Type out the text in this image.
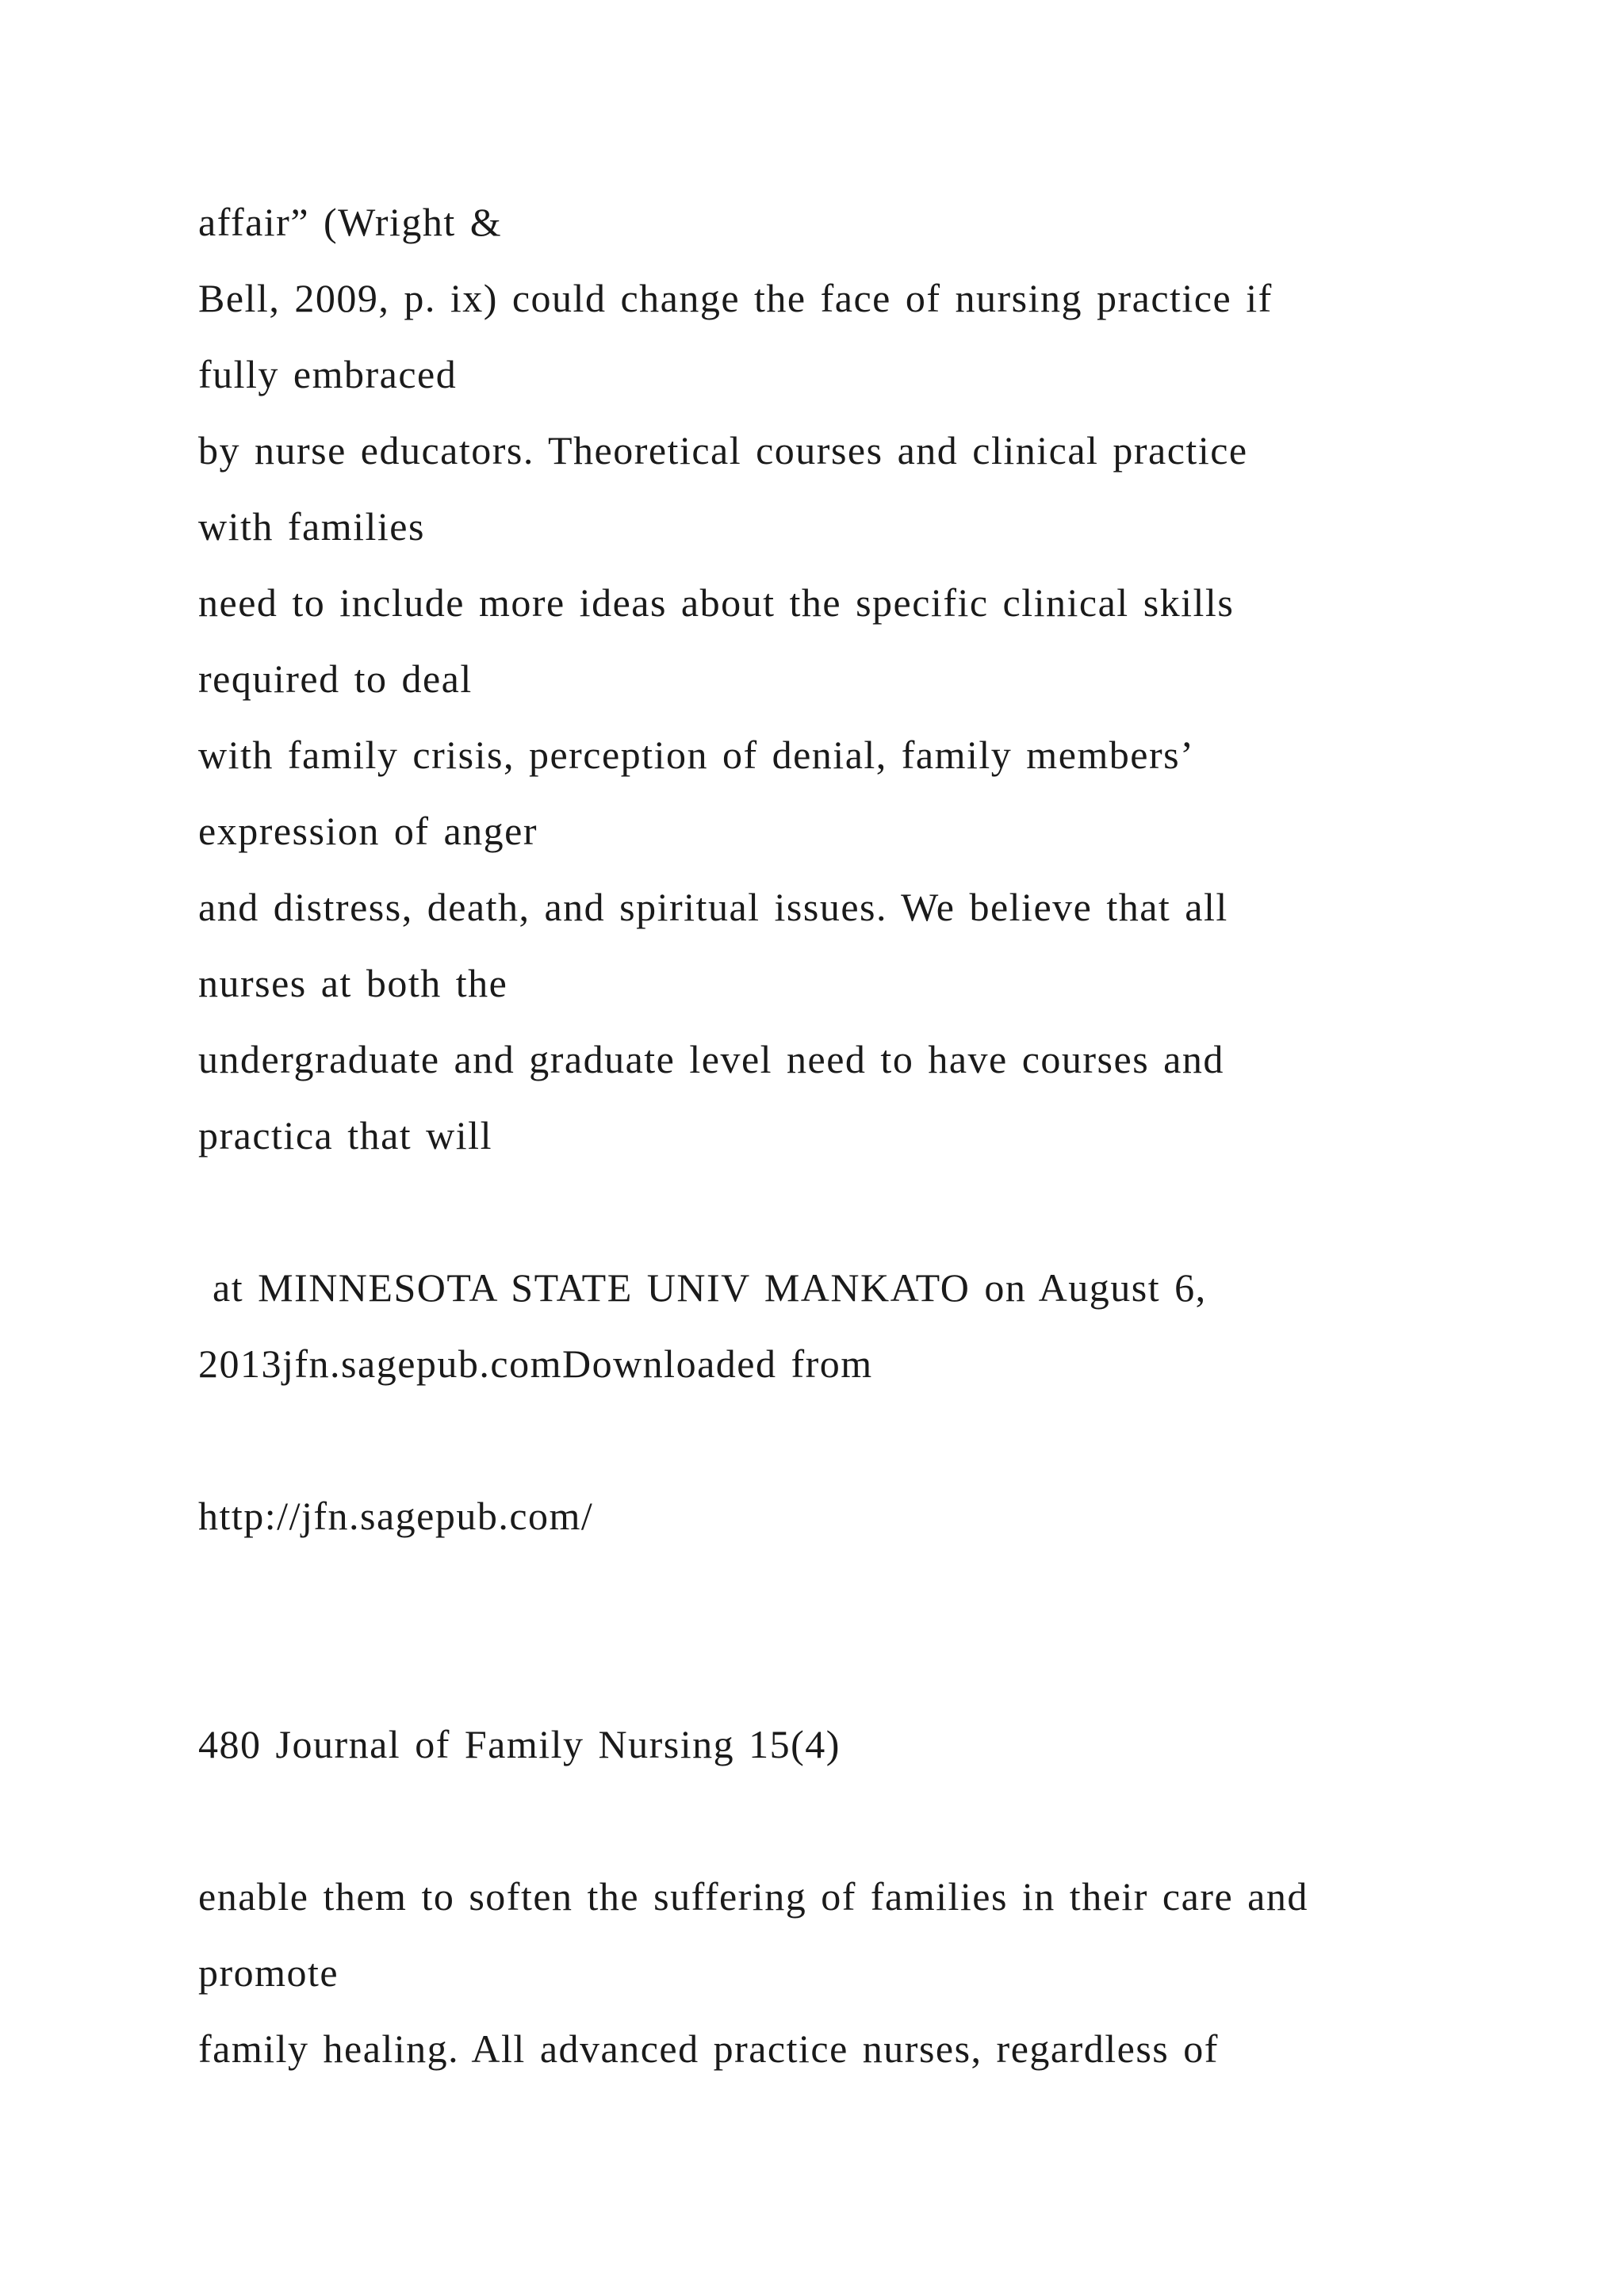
affair” (Wright &
Bell, 2009, p. ix) could change the face of nursing practice if
fully embraced
by nurse educators. Theoretical courses and clinical practice
with families
need to include more ideas about the specific clinical skills
required to deal
with family crisis, perception of denial, family members’
expression of anger
and distress, death, and spiritual issues. We believe that all
nurses at both the
undergraduate and graduate level need to have courses and
practica that will
at MINNESOTA STATE UNIV MANKATO on August 6,
2013jfn.sagepub.comDownloaded from
http://jfn.sagepub.com/
480 Journal of Family Nursing 15(4)
enable them to soften the suffering of families in their care and
promote
family healing. All advanced practice nurses, regardless of
